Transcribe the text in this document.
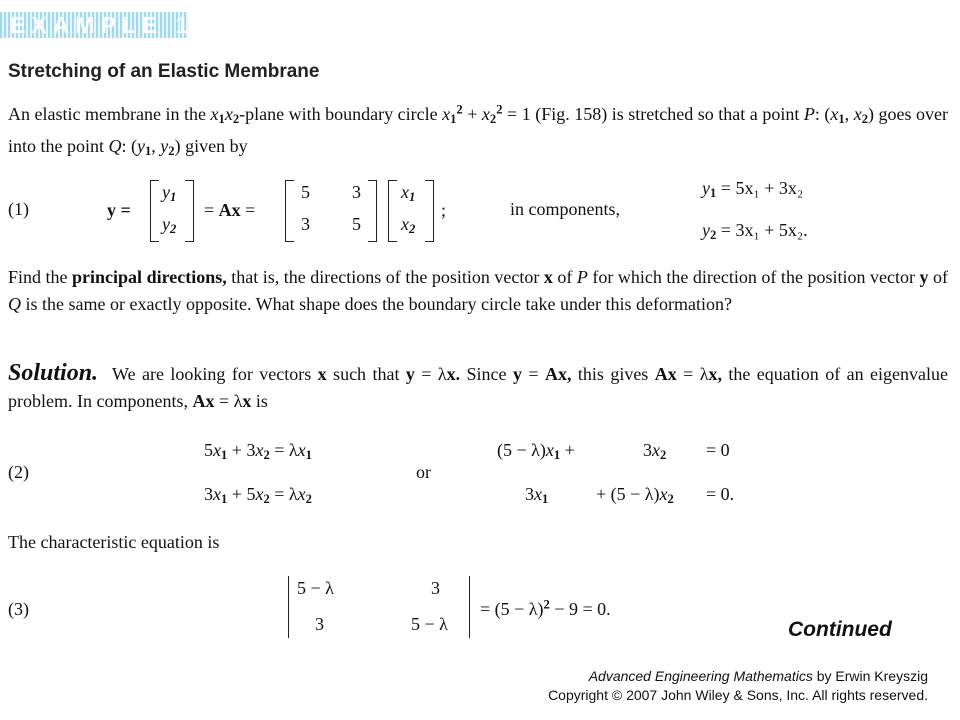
EXAMPLE 1
Stretching of an Elastic Membrane
An elastic membrane in the $x_1x_2$-plane with boundary circle $x_1^2 + x_2^2 = 1$ (Fig. 158) is stretched so that a point P: ($x_1$, $x_2$) goes over into the point Q: ($y_1$, $y_2$) given by
(1)	y =
$y_1$
$y_2$
= Ax =
5 3
3 5
$x_1$
$x_2$
;	in components,
$y_1 = 5x_1 + 3x_2$
$y_2 = 3x_1 + 5x_2$.
Find the principal directions, that is, the directions of the position vector x of P for which the direction of the position vector y of Q is the same or exactly opposite. What shape does the boundary circle take under this deformation?
Solution. We are looking for vectors x such that y = λx. Since y = Ax, this gives Ax = λx, the equation of an eigenvalue problem. In components, Ax = λx is
(2)
$5x_1 + 3x_2 = \lambda x_1$
$3x_1 + 5x_2 = \lambda x_2$
or
$(5 - \lambda)x_1$ +	$3x_2 = 0$
$3x_1$	+ $(5 - \lambda)x_2 = 0$.
The characteristic equation is
(3)
5 − λ	3
3	5 − λ
= $(5 - \lambda)^2 - 9 = 0$.
Continued
Advanced Engineering Mathematics by Erwin Kreyszig
Copyright © 2007 John Wiley & Sons, Inc. All rights reserved.
